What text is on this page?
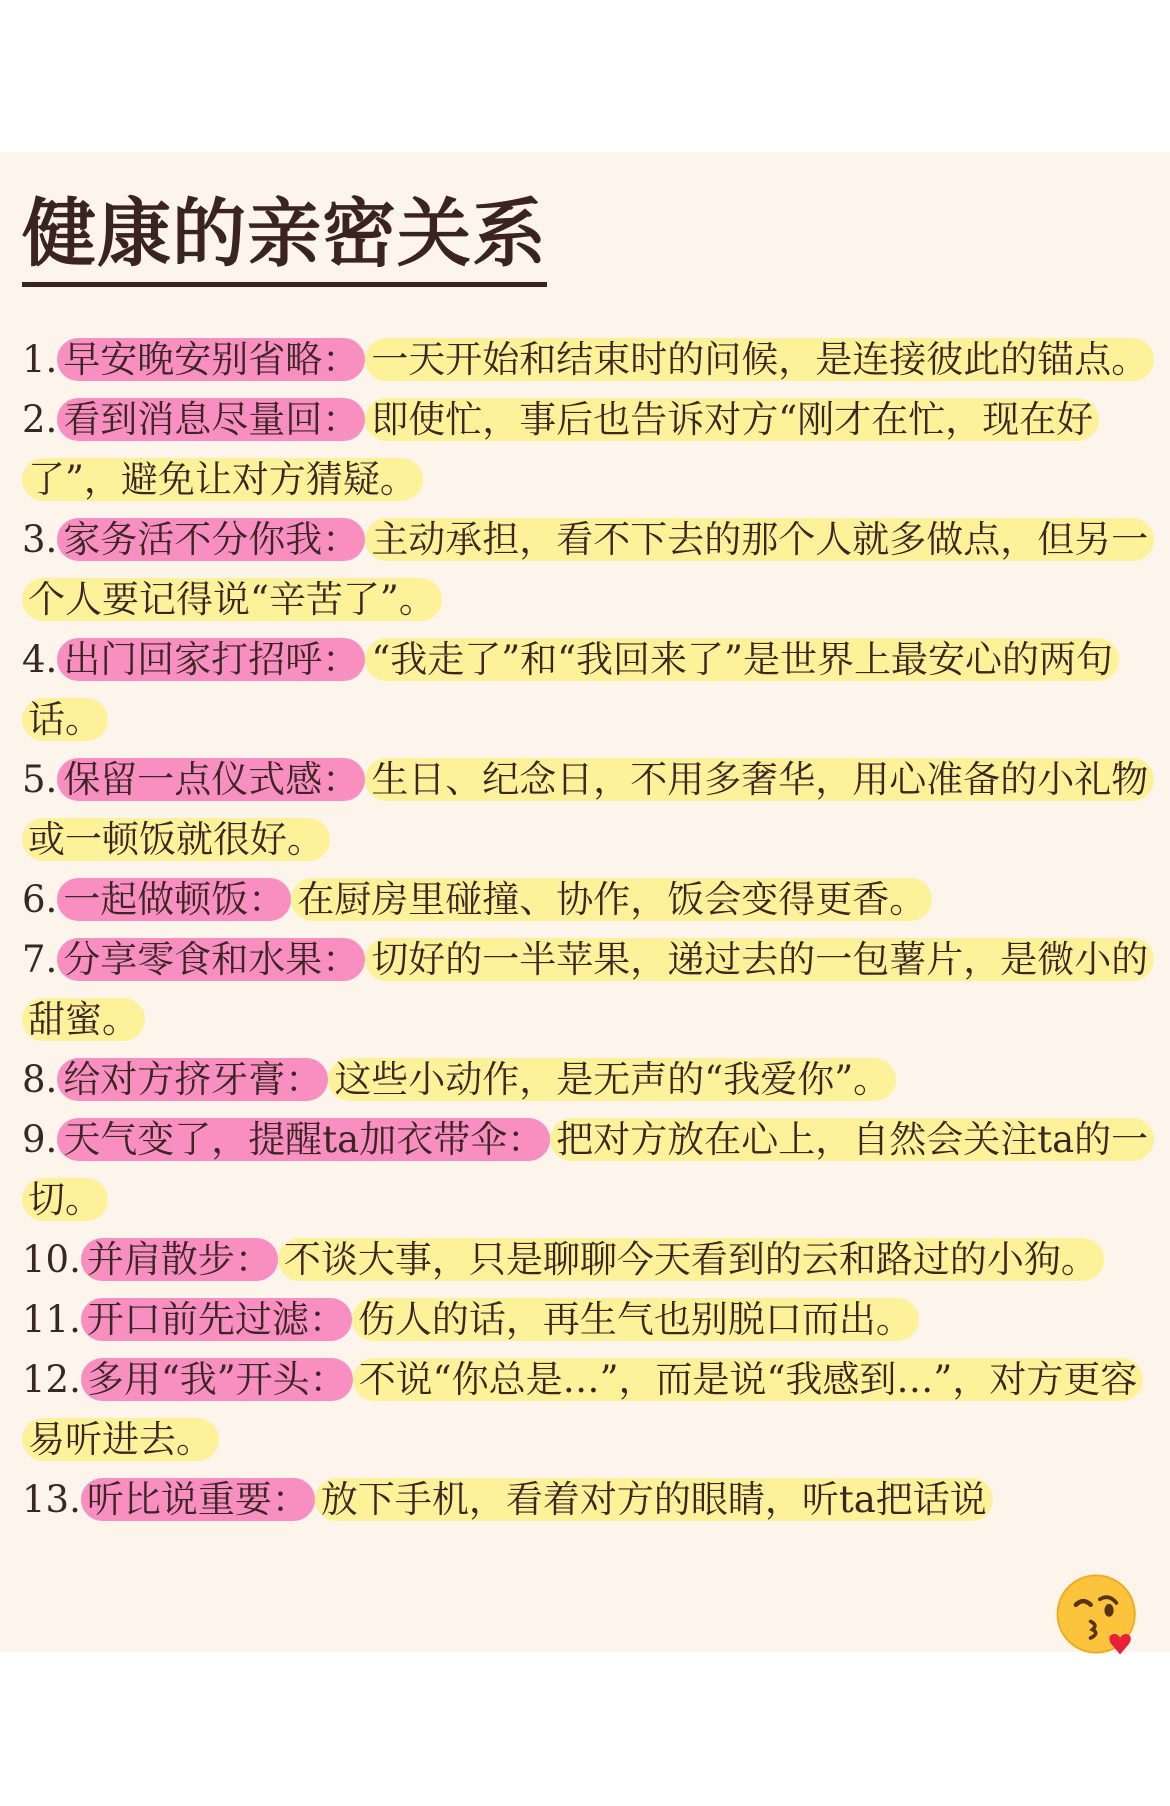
健康的亲密关系

1. 早安晚安别省略： 一天开始和结束时的问候，是连接彼此的锚点。

2. 看到消息尽量回： 即使忙，事后也告诉对方“刚才在忙，现在好了”，避免让对方猜疑。

3. 家务活不分你我： 主动承担，看不下去的那个人就多做点，但另一个人要记得说“辛苦了”。

4. 出门回家打招呼： “我走了”和“我回来了”是世界上最安心的两句话。

5. 保留一点仪式感： 生日、纪念日，不用多奢华，用心准备的小礼物或一顿饭就很好。

6. 一起做顿饭： 在厨房里碰撞、协作，饭会变得更香。

7. 分享零食和水果： 切好的一半苹果，递过去的一包薯片，是微小的甜蜜。

8. 给对方挤牙膏： 这些小动作，是无声的“我爱你”。

9. 天气变了，提醒ta加衣带伞： 把对方放在心上，自然会关注ta的一切。

10. 并肩散步： 不谈大事，只是聊聊今天看到的云和路过的小狗。

11. 开口前先过滤： 伤人的话，再生气也别脱口而出。

12. 多用“我”开头： 不说“你总是…”，而是说“我感到…”，对方更容易听进去。

13. 听比说重要： 放下手机，看着对方的眼睛，听ta把话说
